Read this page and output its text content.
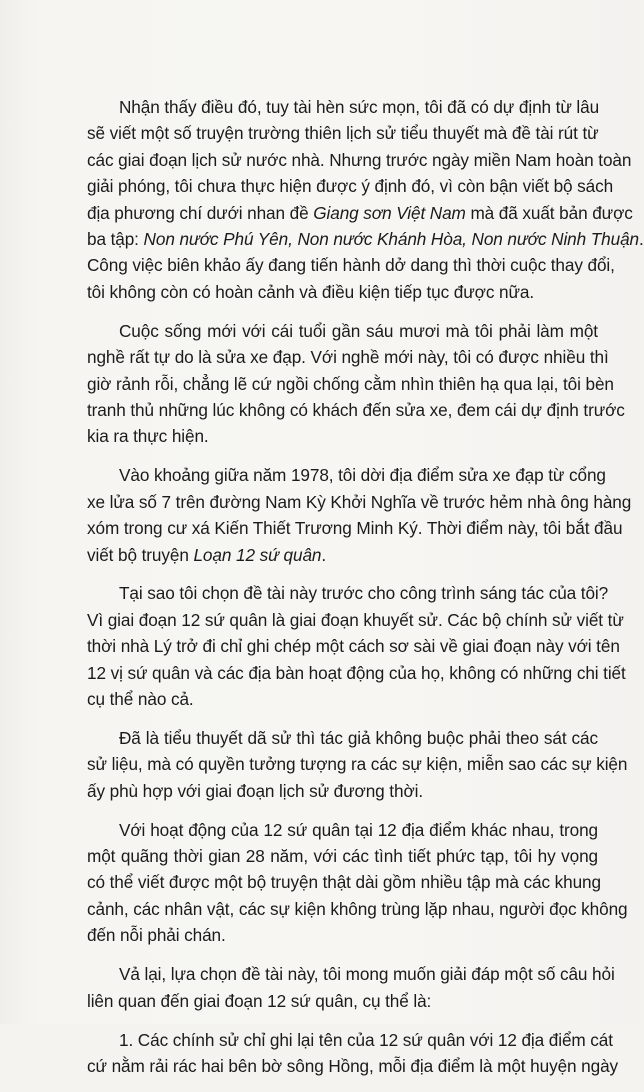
Nhận thấy điều đó, tuy tài hèn sức mọn, tôi đã có dự định từ lâu
sẽ viết một số truyện trường thiên lịch sử tiểu thuyết mà đề tài rút từ
các giai đoạn lịch sử nước nhà. Nhưng trước ngày miền Nam hoàn toàn
giải phóng, tôi chưa thực hiện được ý định đó, vì còn bận viết bộ sách
địa phương chí dưới nhan đề Giang sơn Việt Nam mà đã xuất bản được
ba tập: Non nước Phú Yên, Non nước Khánh Hòa, Non nước Ninh Thuận.
Công việc biên khảo ấy đang tiến hành dở dang thì thời cuộc thay đổi,
tôi không còn có hoàn cảnh và điều kiện tiếp tục được nữa.
Cuộc sống mới với cái tuổi gần sáu mươi mà tôi phải làm một
nghề rất tự do là sửa xe đạp. Với nghề mới này, tôi có được nhiều thì
giờ rảnh rỗi, chẳng lẽ cứ ngồi chống cằm nhìn thiên hạ qua lại, tôi bèn
tranh thủ những lúc không có khách đến sửa xe, đem cái dự định trước
kia ra thực hiện.
Vào khoảng giữa năm 1978, tôi dời địa điểm sửa xe đạp từ cổng
xe lửa số 7 trên đường Nam Kỳ Khởi Nghĩa về trước hẻm nhà ông hàng
xóm trong cư xá Kiến Thiết Trương Minh Ký. Thời điểm này, tôi bắt đầu
viết bộ truyện Loạn 12 sứ quân.
Tại sao tôi chọn đề tài này trước cho công trình sáng tác của tôi?
Vì giai đoạn 12 sứ quân là giai đoạn khuyết sử. Các bộ chính sử viết từ
thời nhà Lý trở đi chỉ ghi chép một cách sơ sài về giai đoạn này với tên
12 vị sứ quân và các địa bàn hoạt động của họ, không có những chi tiết
cụ thể nào cả.
Đã là tiểu thuyết dã sử thì tác giả không buộc phải theo sát các
sử liệu, mà có quyền tưởng tượng ra các sự kiện, miễn sao các sự kiện
ấy phù hợp với giai đoạn lịch sử đương thời.
Với hoạt động của 12 sứ quân tại 12 địa điểm khác nhau, trong
một quãng thời gian 28 năm, với các tình tiết phức tạp, tôi hy vọng
có thể viết được một bộ truyện thật dài gồm nhiều tập mà các khung
cảnh, các nhân vật, các sự kiện không trùng lặp nhau, người đọc không
đến nỗi phải chán.
Vả lại, lựa chọn đề tài này, tôi mong muốn giải đáp một số câu hỏi
liên quan đến giai đoạn 12 sứ quân, cụ thể là:
1. Các chính sử chỉ ghi lại tên của 12 sứ quân với 12 địa điểm cát
cứ nằm rải rác hai bên bờ sông Hồng, mỗi địa điểm là một huyện ngày
